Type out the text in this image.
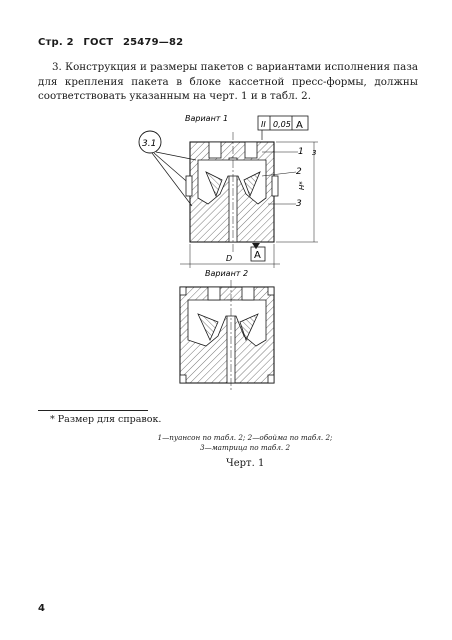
Стр. 2 ГОСТ 25479—82

3. Конструкция и размеры пакетов с вариантами исполнения паза для крепления пакета в блоке кассетной пресс-формы, должны соответствовать указанным на черт. 1 и в табл. 2.

Вариант 1
II 0,05 A
3.1
1
2
3
3
H*
D A
Вариант 2
* Размер для справок.
1—пуансон по табл. 2; 2—обойма по табл. 2;
3—матрица по табл. 2
Черт. 1
4
